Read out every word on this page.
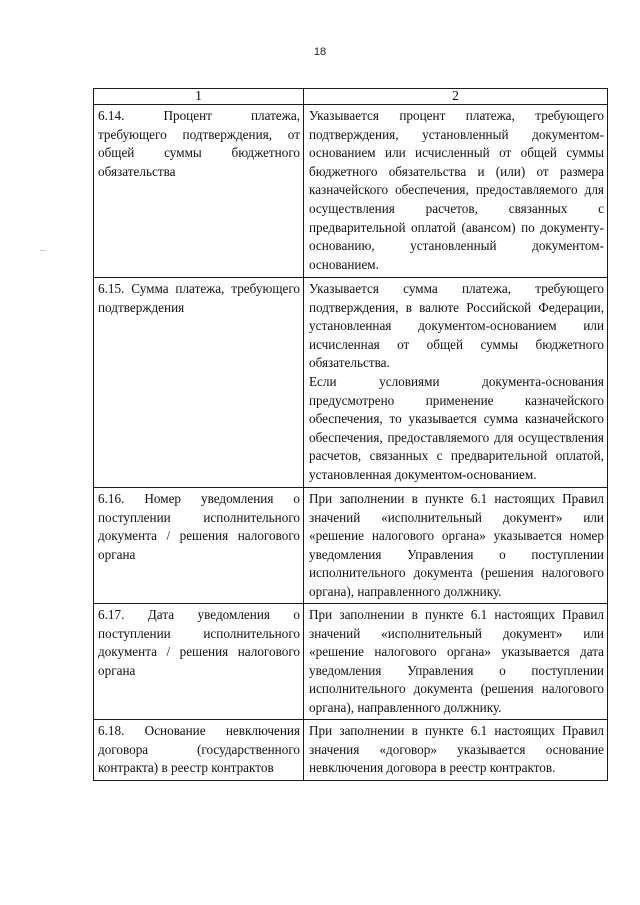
18
1	2
6.14. Процент платежа, требующего подтверждения, от общей суммы бюджетного обязательства	Указывается процент платежа, требующего подтверждения, установленный документом-основанием или исчисленный от общей суммы бюджетного обязательства и (или) от размера казначейского обеспечения, предоставляемого для осуществления расчетов, связанных с предварительной оплатой (авансом) по документу-основанию, установленный документом-основанием.

6.15. Сумма платежа, требующего подтверждения	Указывается сумма платежа, требующего подтверждения, в валюте Российской Федерации, установленная документом-основанием или исчисленная от общей суммы бюджетного обязательства.
Если условиями документа-основания предусмотрено применение казначейского обеспечения, то указывается сумма казначейского обеспечения, предоставляемого для осуществления расчетов, связанных с предварительной оплатой, установленная документом-основанием.

6.16. Номер уведомления о поступлении исполнительного документа / решения налогового органа	При заполнении в пункте 6.1 настоящих Правил значений «исполнительный документ» или «решение налогового органа» указывается номер уведомления Управления о поступлении исполнительного документа (решения налогового органа), направленного должнику.

6.17. Дата уведомления о поступлении исполнительного документа / решения налогового органа	При заполнении в пункте 6.1 настоящих Правил значений «исполнительный документ» или «решение налогового органа» указывается дата уведомления Управления о поступлении исполнительного документа (решения налогового органа), направленного должнику.

6.18. Основание невключения договора (государственного контракта) в реестр контрактов	При заполнении в пункте 6.1 настоящих Правил значения «договор» указывается основание невключения договора в реестр контрактов.
